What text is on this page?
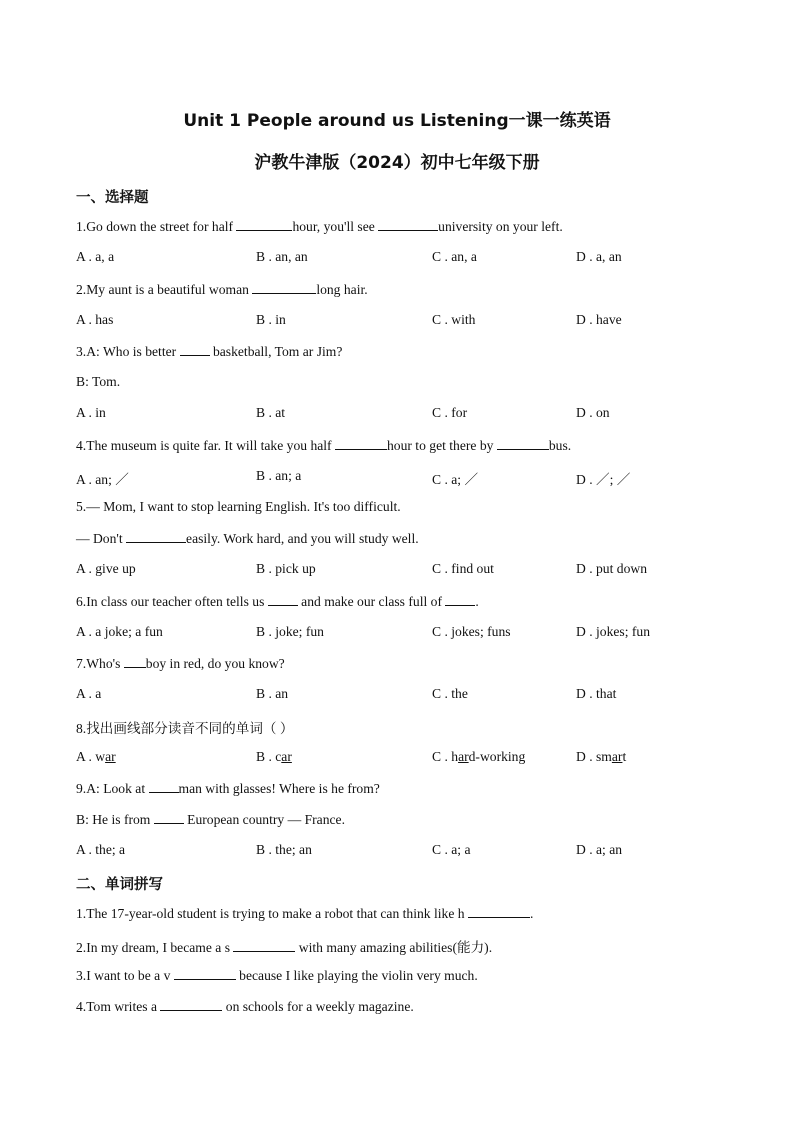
Unit 1 People around us Listening一课一练英语
沪教牛津版（2024）初中七年级下册
一、选择题
1.Go down the street for half	hour, you'll see	university on your left.
A . a, a	B . an, an	C . an, a	D . a, an
2.My aunt is a beautiful woman	long hair.
A . has	B . in	C . with	D . have
3.A: Who is better  basketball, Tom ar Jim?
B: Tom.
A . in	B . at	C . for	D . on
4.The museum is quite far. It will take you half	hour to get there by	bus.
A . an; ／	B . an; a	C . a; ／	D . ／; ／
5.— Mom, I want to stop learning English. It's too difficult.
— Don't	easily. Work hard, and you will study well.
A . give up	B . pick up	C . find out	D . put down
6.In class our teacher often tells us  and make our class full of .
A . a joke; a fun	B . joke; fun	C . jokes; funs	D . jokes; fun
7.Who's boy in red, do you know?
A . a	B . an	C . the	D . that
8.找出画线部分读音不同的单词（ ）
A . war	B . car	C . hard-working	D . smart
9.A: Look at man with glasses! Where is he from?
B: He is from  European country — France.
A . the; a	B . the; an	C . a; a	D . a; an
二、单词拼写
1.The 17-year-old student is trying to make a robot that can think like h	.
2.In my dream, I became a s	with many amazing abilities(能力).
3.I want to be a v	because I like playing the violin very much.
4.Tom writes a	on schools for a weekly magazine.
